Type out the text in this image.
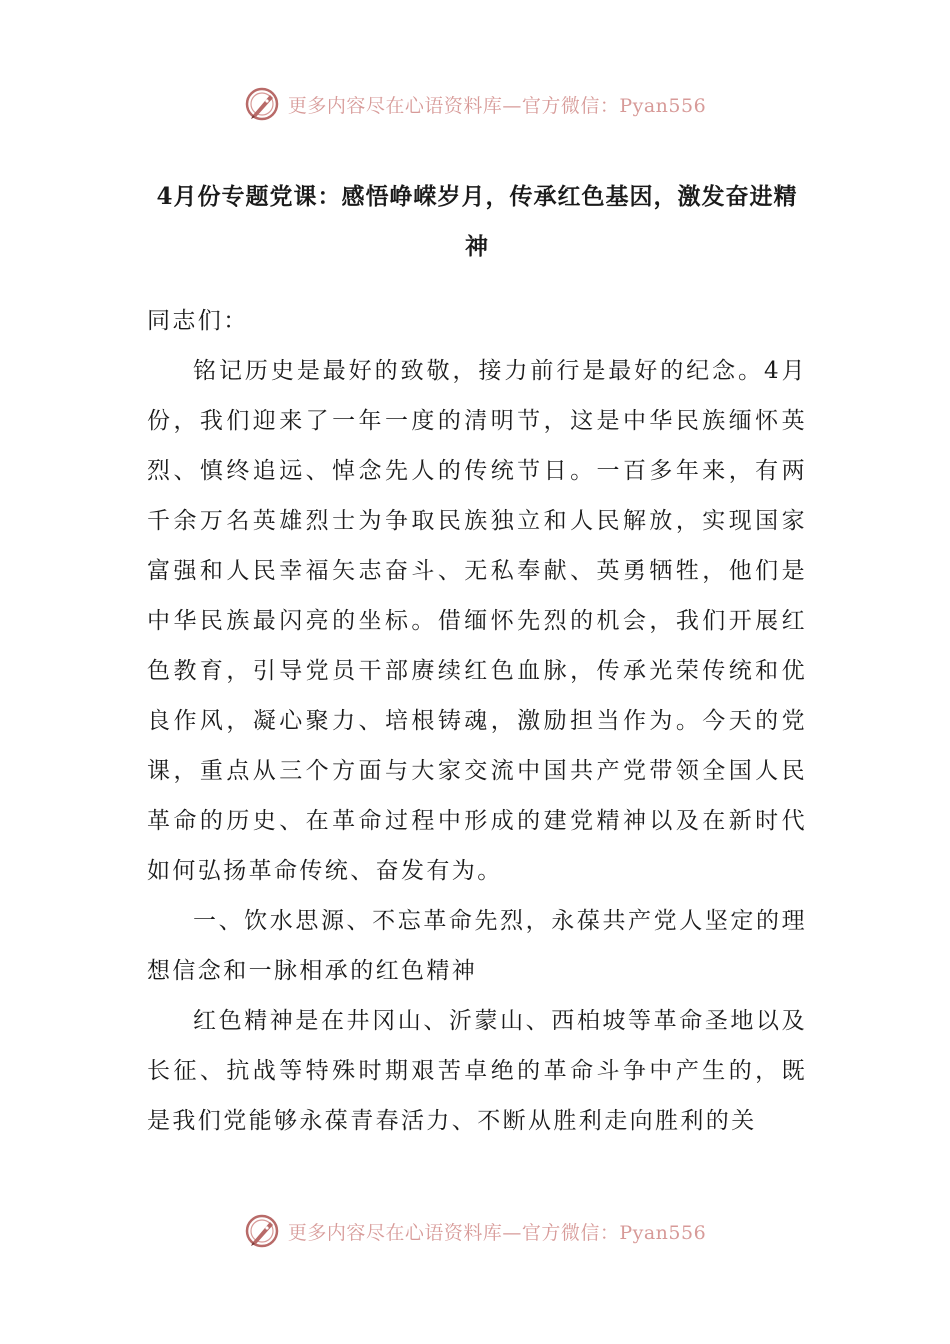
更多内容尽在心语资料库—官方微信：Pyan556
4月份专题党课：感悟峥嵘岁月，传承红色基因，激发奋进精神

同志们：

铭记历史是最好的致敬，接力前行是最好的纪念。4月份，我们迎来了一年一度的清明节，这是中华民族缅怀英烈、慎终追远、悼念先人的传统节日。一百多年来，有两千余万名英雄烈士为争取民族独立和人民解放，实现国家富强和人民幸福矢志奋斗、无私奉献、英勇牺牲，他们是中华民族最闪亮的坐标。借缅怀先烈的机会，我们开展红色教育，引导党员干部赓续红色血脉，传承光荣传统和优良作风，凝心聚力、培根铸魂，激励担当作为。今天的党课，重点从三个方面与大家交流中国共产党带领全国人民革命的历史、在革命过程中形成的建党精神以及在新时代如何弘扬革命传统、奋发有为。

一、饮水思源、不忘革命先烈，永葆共产党人坚定的理想信念和一脉相承的红色精神

红色精神是在井冈山、沂蒙山、西柏坡等革命圣地以及长征、抗战等特殊时期艰苦卓绝的革命斗争中产生的，既是我们党能够永葆青春活力、不断从胜利走向胜利的关

更多内容尽在心语资料库—官方微信：Pyan556
